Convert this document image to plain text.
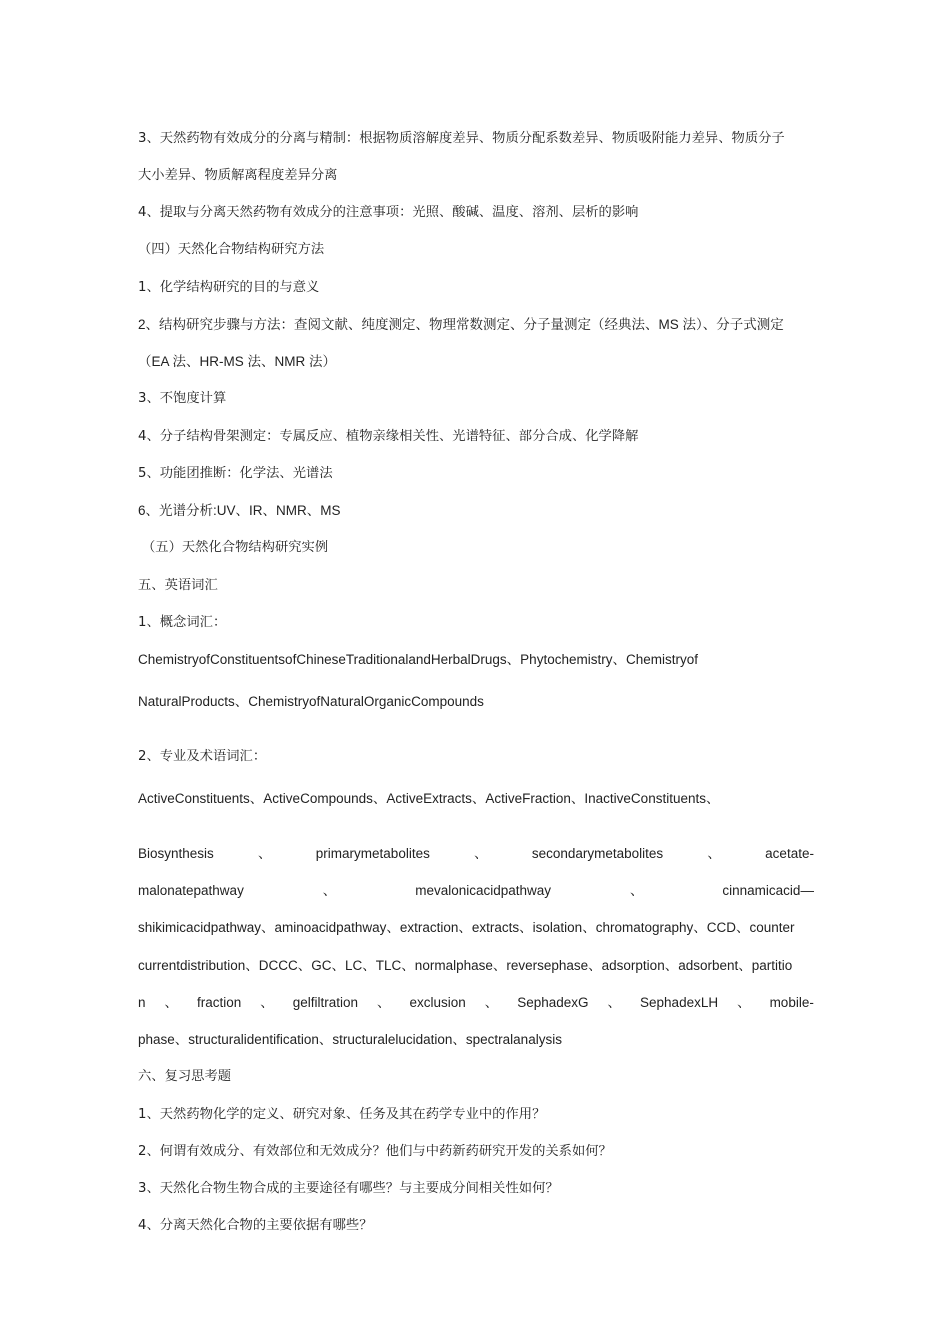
3、天然药物有效成分的分离与精制：根据物质溶解度差异、物质分配系数差异、物质吸附能力差异、物质分子
大小差异、物质解离程度差异分离
4、提取与分离天然药物有效成分的注意事项：光照、酸碱、温度、溶剂、层析的影响
（四）天然化合物结构研究方法
1、化学结构研究的目的与意义
2、结构研究步骤与方法：查阅文献、纯度测定、物理常数测定、分子量测定（经典法、MS 法）、分子式测定
（EA 法、HR-MS 法、NMR 法）
3、不饱度计算
4、分子结构骨架测定：专属反应、植物亲缘相关性、光谱特征、部分合成、化学降解
5、功能团推断：化学法、光谱法
6、光谱分析:UV、IR、NMR、MS
（五）天然化合物结构研究实例
五、英语词汇
1、概念词汇：
ChemistryofConstituentsofChineseTraditionalandHerbalDrugs、Phytochemistry、Chemistryof
NaturalProducts、ChemistryofNaturalOrganicCompounds
2、专业及术语词汇：
ActiveConstituents、ActiveCompounds、ActiveExtracts、ActiveFraction、InactiveConstituents、
Biosynthesis	、	primarymetabolites	、	secondarymetabolites	、	acetate-
malonatepathway	、	mevalonicacidpathway	、	cinnamicacid—
shikimicacidpathway、aminoacidpathway、extraction、extracts、isolation、chromatography、CCD、counter
currentdistribution、DCCC、GC、LC、TLC、normalphase、reversephase、adsorption、adsorbent、partitio
n 、 fraction 、 gelfiltration 、 exclusion 、 SephadexG 、 SephadexLH 、 mobile-
phase、structuralidentification、structuralelucidation、spectralanalysis
六、复习思考题
1、天然药物化学的定义、研究对象、任务及其在药学专业中的作用？
2、何谓有效成分、有效部位和无效成分？他们与中药新药研究开发的关系如何？
3、天然化合物生物合成的主要途径有哪些？与主要成分间相关性如何？
4、分离天然化合物的主要依据有哪些？
